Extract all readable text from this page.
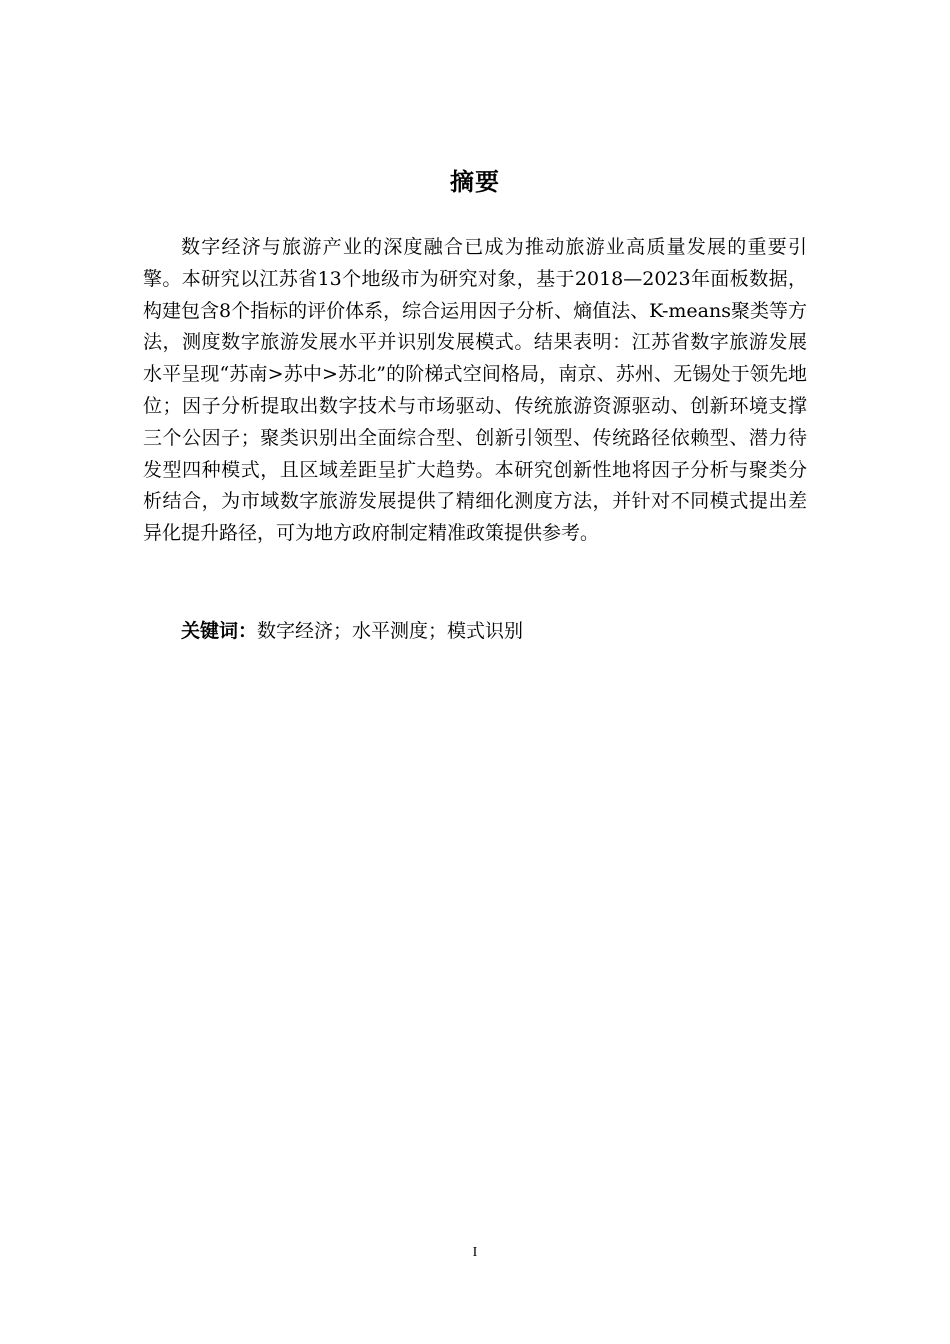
摘要

数字经济与旅游产业的深度融合已成为推动旅游业高质量发展的重要引擎。本研究以江苏省13个地级市为研究对象，基于2018—2023年面板数据，构建包含8个指标的评价体系，综合运用因子分析、熵值法、K-means聚类等方法，测度数字旅游发展水平并识别发展模式。结果表明：江苏省数字旅游发展水平呈现“苏南>苏中>苏北”的阶梯式空间格局，南京、苏州、无锡处于领先地位；因子分析提取出数字技术与市场驱动、传统旅游资源驱动、创新环境支撑三个公因子；聚类识别出全面综合型、创新引领型、传统路径依赖型、潜力待发型四种模式，且区域差距呈扩大趋势。本研究创新性地将因子分析与聚类分析结合，为市域数字旅游发展提供了精细化测度方法，并针对不同模式提出差异化提升路径，可为地方政府制定精准政策提供参考。

关键词：数字经济；水平测度；模式识别
I
